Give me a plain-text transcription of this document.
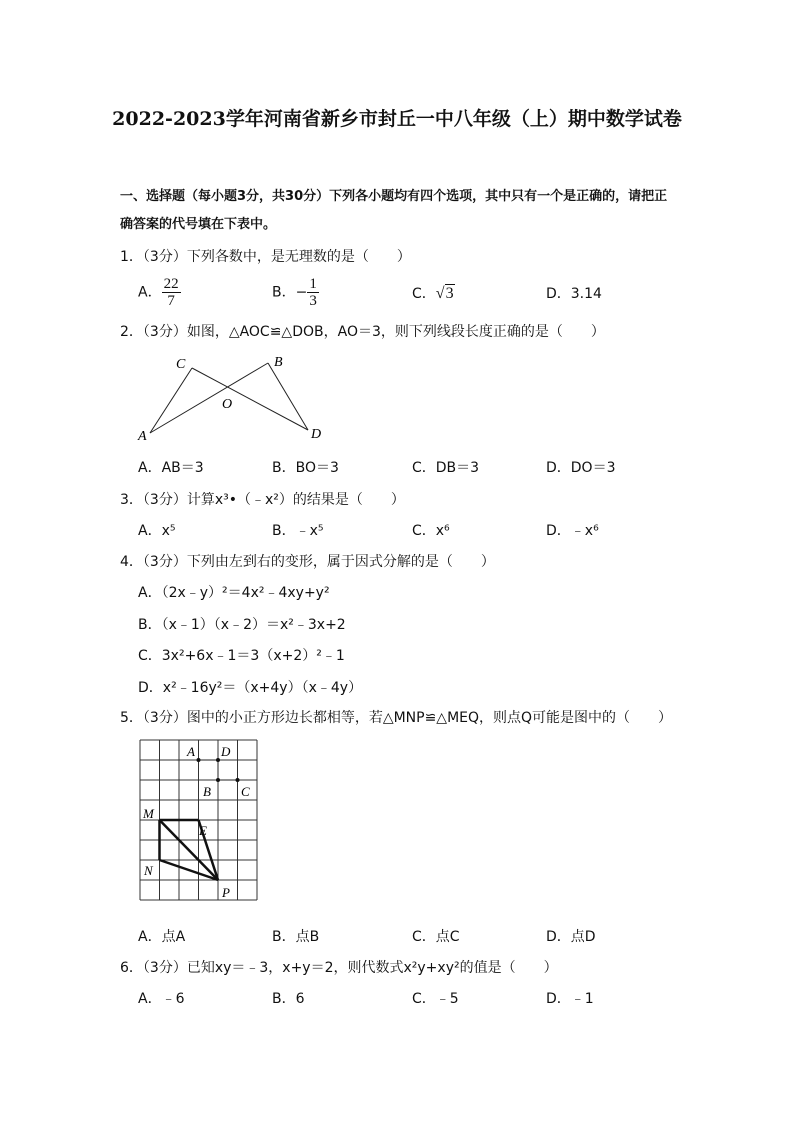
2022-2023学年河南省新乡市封丘一中八年级（上）期中数学试卷
一、选择题（每小题3分，共30分）下列各小题均有四个选项，其中只有一个是正确的，请把正确答案的代号填在下表中。
1．（3分）下列各数中，是无理数的是（　　）
A． $\frac{22}{7}$	B．− $\frac{1}{3}$	C．√3	D．3.14
2．（3分）如图，△AOC≌△DOB，AO＝3，则下列线段长度正确的是（　　）
C	B
O
A	D
A．AB＝3	B．BO＝3	C．DB＝3	D．DO＝3
3．（3分）计算x³•（﹣x²）的结果是（　　）
A．x⁵	B．﹣x⁵	C．x⁶	D．﹣x⁶
4．（3分）下列由左到右的变形，属于因式分解的是（　　）
A．（2x﹣y）²＝4x²﹣4xy+y²
B．（x﹣1）（x﹣2）＝x²﹣3x+2
C．3x²+6x﹣1＝3（x+2）²﹣1
D．x²﹣16y²＝（x+4y）（x﹣4y）
5．（3分）图中的小正方形边长都相等，若△MNP≌△MEQ，则点Q可能是图中的（　　）
A D
B C
M
E
N
P
A．点A	B．点B	C．点C	D．点D
6．（3分）已知xy＝﹣3，x+y＝2，则代数式x²y+xy²的值是（　　）
A．﹣6	B．6	C．﹣5	D．﹣1
